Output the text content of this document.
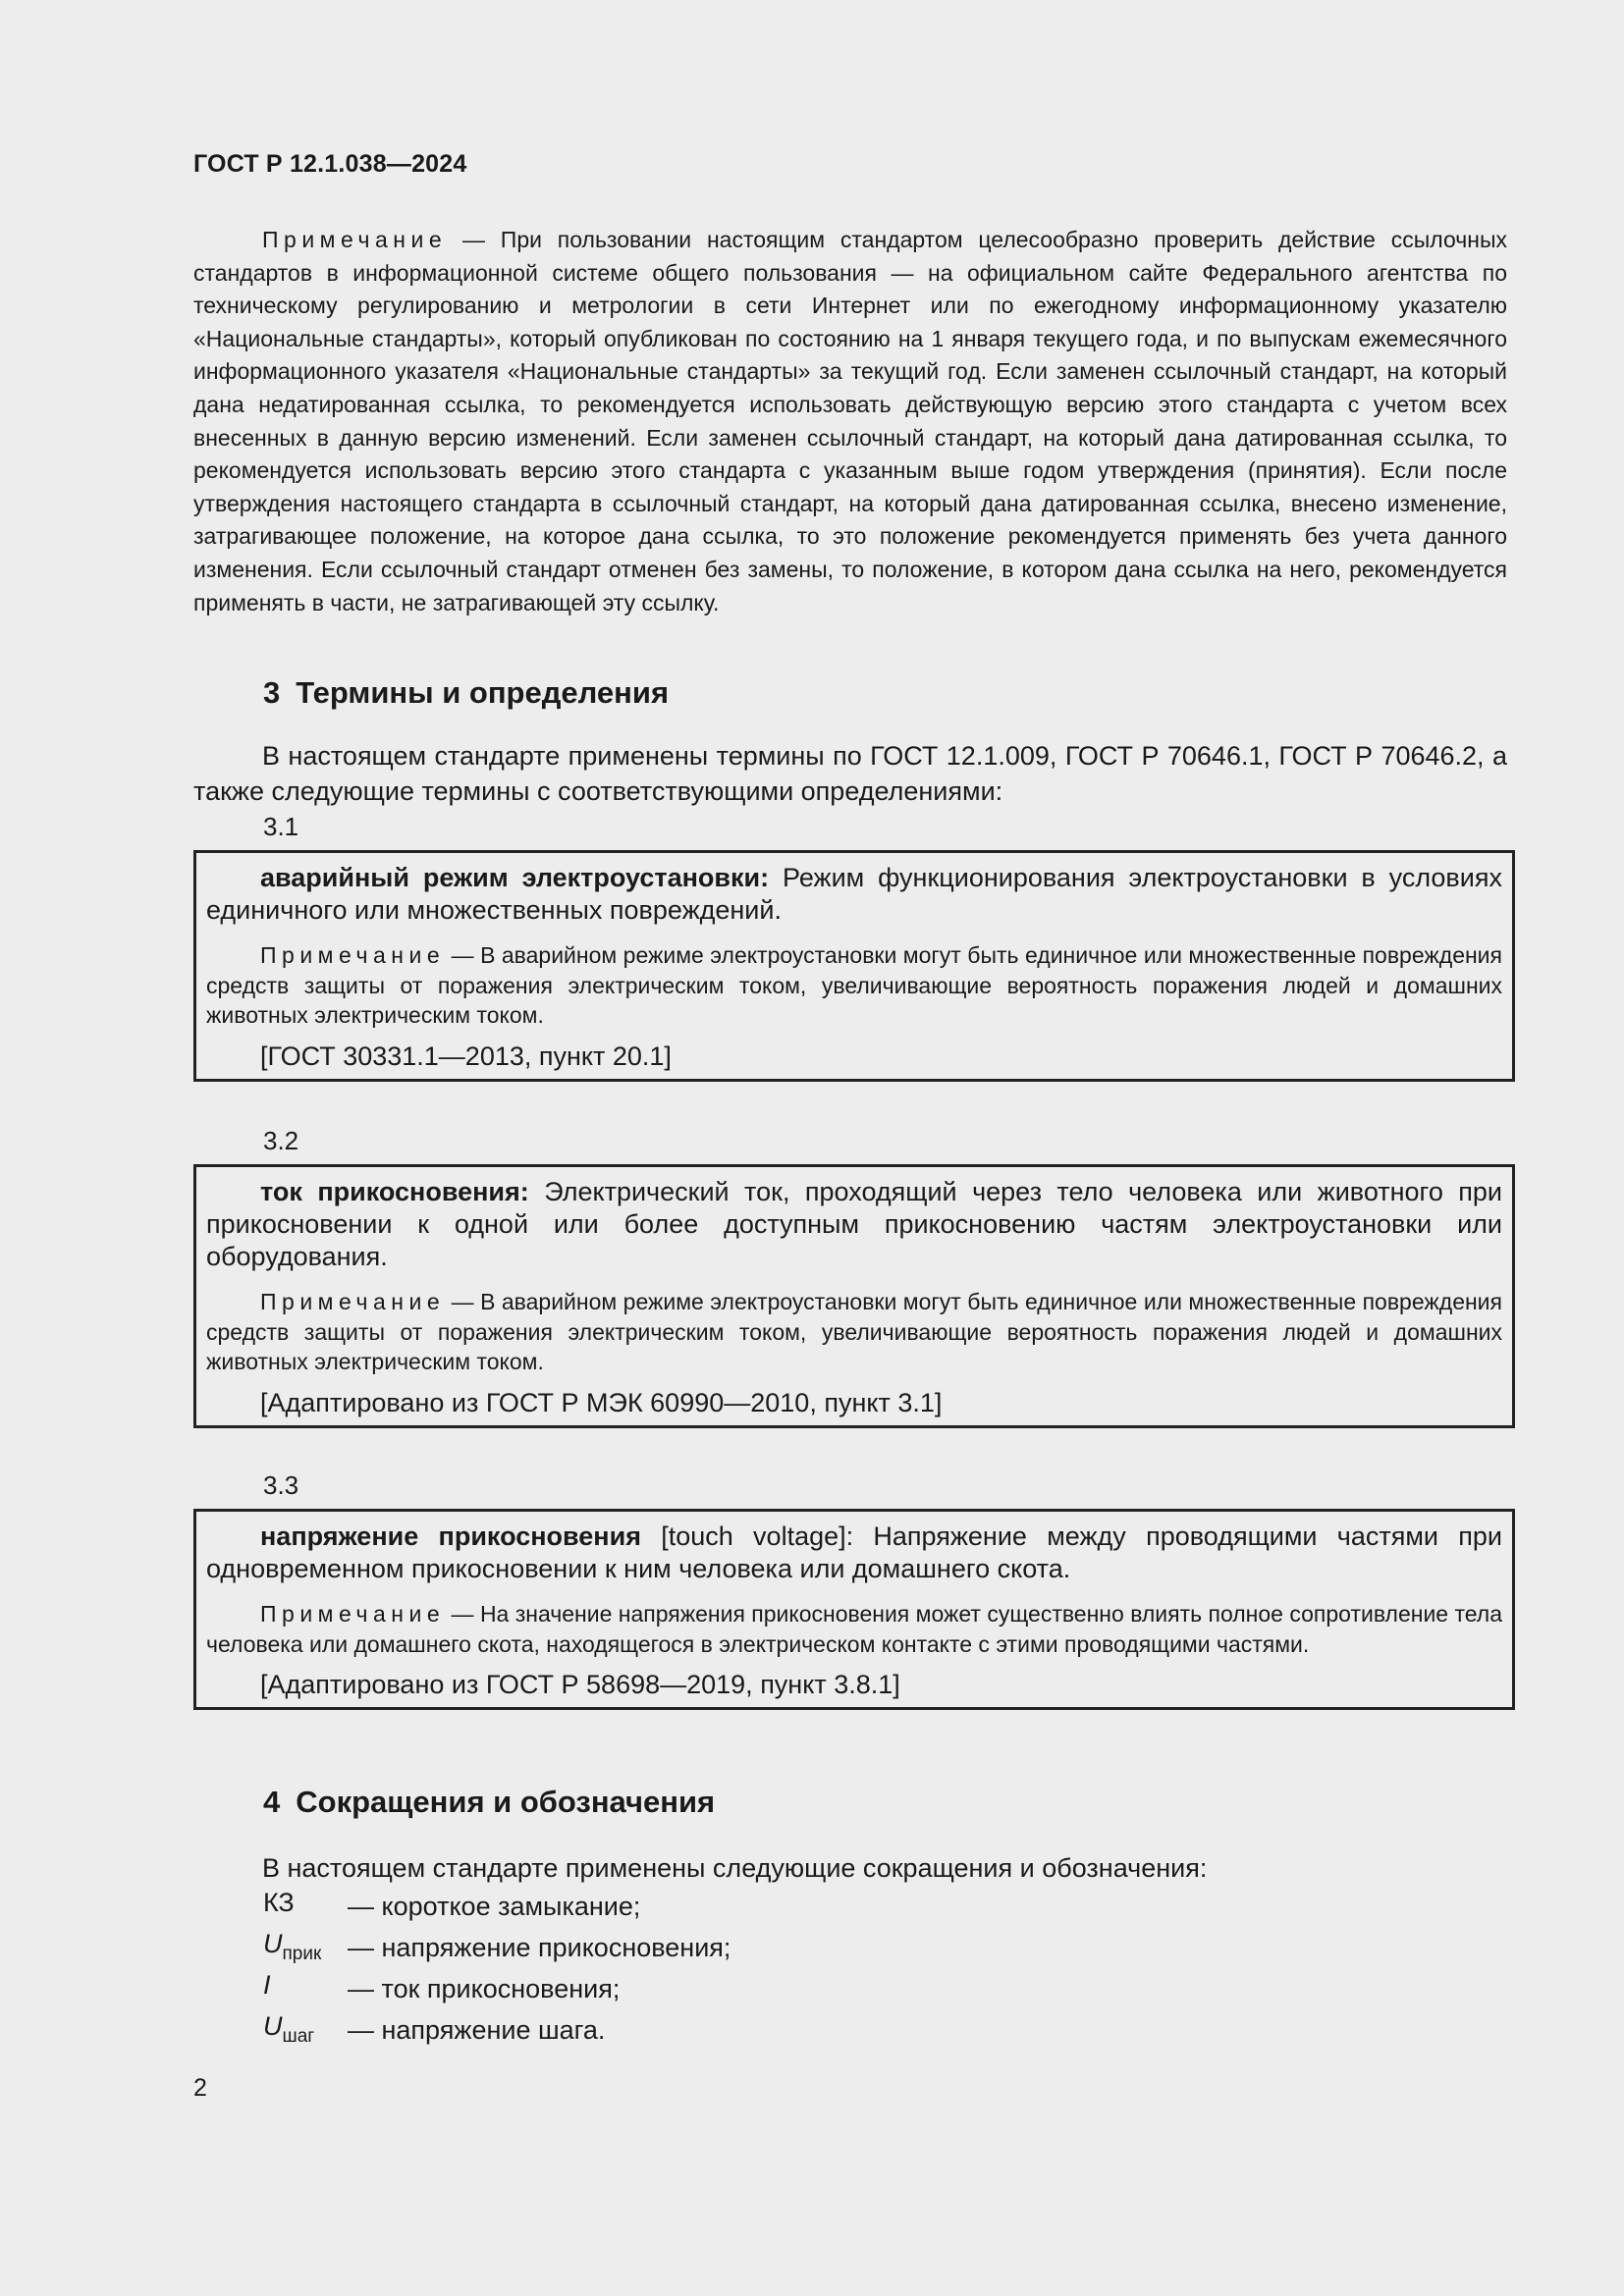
ГОСТ Р 12.1.038—2024
Примечание — При пользовании настоящим стандартом целесообразно проверить действие ссылочных стандартов в информационной системе общего пользования — на официальном сайте Федерального агентства по техническому регулированию и метрологии в сети Интернет или по ежегодному информационному указателю «Национальные стандарты», который опубликован по состоянию на 1 января текущего года, и по выпускам ежемесячного информационного указателя «Национальные стандарты» за текущий год. Если заменен ссылочный стандарт, на который дана недатированная ссылка, то рекомендуется использовать действующую версию этого стандарта с учетом всех внесенных в данную версию изменений. Если заменен ссылочный стандарт, на который дана датированная ссылка, то рекомендуется использовать версию этого стандарта с указанным выше годом утверждения (принятия). Если после утверждения настоящего стандарта в ссылочный стандарт, на который дана датированная ссылка, внесено изменение, затрагивающее положение, на которое дана ссылка, то это положение рекомендуется применять без учета данного изменения. Если ссылочный стандарт отменен без замены, то положение, в котором дана ссылка на него, рекомендуется применять в части, не затрагивающей эту ссылку.
3 Термины и определения
В настоящем стандарте применены термины по ГОСТ 12.1.009, ГОСТ Р 70646.1, ГОСТ Р 70646.2, а также следующие термины с соответствующими определениями:
3.1

аварийный режим электроустановки: Режим функционирования электроустановки в условиях единичного или множественных повреждений.

Примечание — В аварийном режиме электроустановки могут быть единичное или множественные повреждения средств защиты от поражения электрическим током, увеличивающие вероятность поражения людей и домашних животных электрическим током.

[ГОСТ 30331.1—2013, пункт 20.1]

3.2

ток прикосновения: Электрический ток, проходящий через тело человека или животного при прикосновении к одной или более доступным прикосновению частям электроустановки или оборудования.

Примечание — В аварийном режиме электроустановки могут быть единичное или множественные повреждения средств защиты от поражения электрическим током, увеличивающие вероятность поражения людей и домашних животных электрическим током.

[Адаптировано из ГОСТ Р МЭК 60990—2010, пункт 3.1]

3.3

напряжение прикосновения [touch voltage]: Напряжение между проводящими частями при одновременном прикосновении к ним человека или домашнего скота.

Примечание — На значение напряжения прикосновения может существенно влиять полное сопротивление тела человека или домашнего скота, находящегося в электрическом контакте с этими проводящими частями.

[Адаптировано из ГОСТ Р 58698—2019, пункт 3.8.1]

4 Сокращения и обозначения
В настоящем стандарте применены следующие сокращения и обозначения:
КЗ — короткое замыкание;
$U_{прик}$ — напряжение прикосновения;
I	— ток прикосновения;
$U_{шаг}$ — напряжение шага.
2
